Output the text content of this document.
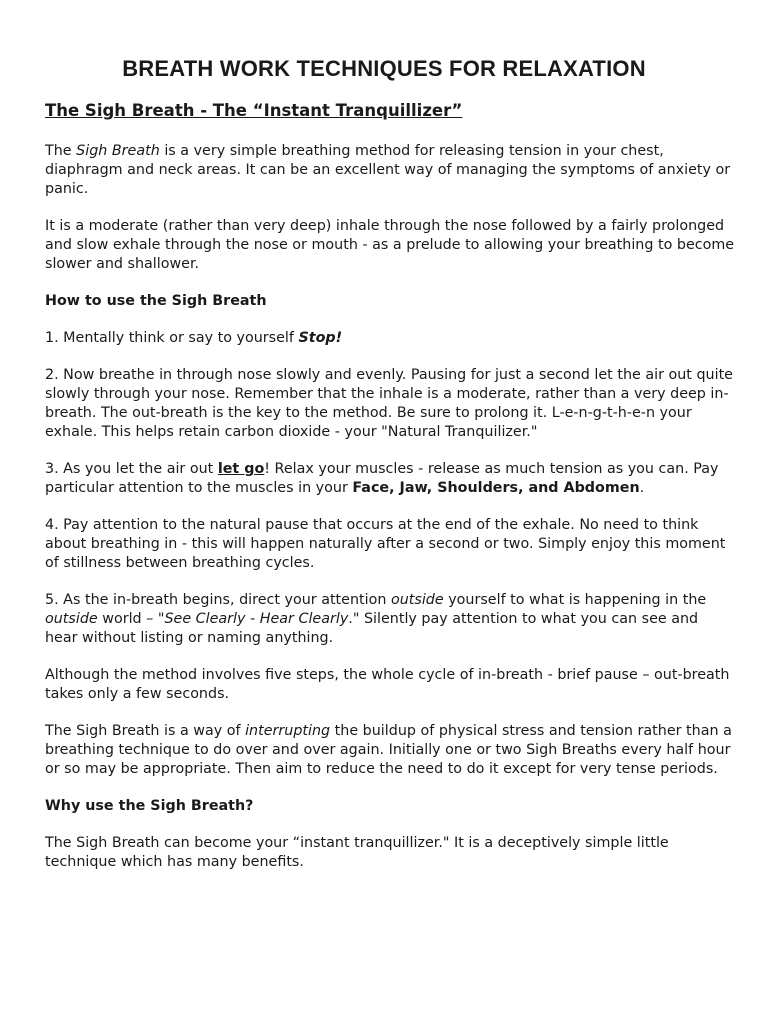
BREATH WORK TECHNIQUES FOR RELAXATION
The Sigh Breath - The “Instant Tranquillizer”

The Sigh Breath is a very simple breathing method for releasing tension in your chest, diaphragm and neck areas. It can be an excellent way of managing the symptoms of anxiety or panic.

It is a moderate (rather than very deep) inhale through the nose followed by a fairly prolonged and slow exhale through the nose or mouth - as a prelude to allowing your breathing to become slower and shallower.

How to use the Sigh Breath

1. Mentally think or say to yourself Stop!

2. Now breathe in through nose slowly and evenly. Pausing for just a second let the air out quite slowly through your nose. Remember that the inhale is a moderate, rather than a very deep in-breath. The out-breath is the key to the method. Be sure to prolong it. L-e-n-g-t-h-e-n your exhale. This helps retain carbon dioxide - your "Natural Tranquilizer."

3. As you let the air out let go! Relax your muscles - release as much tension as you can. Pay particular attention to the muscles in your Face, Jaw, Shoulders, and Abdomen.

4. Pay attention to the natural pause that occurs at the end of the exhale. No need to think about breathing in - this will happen naturally after a second or two. Simply enjoy this moment of stillness between breathing cycles.

5. As the in-breath begins, direct your attention outside yourself to what is happening in the outside world – "See Clearly - Hear Clearly." Silently pay attention to what you can see and hear without listing or naming anything.

Although the method involves five steps, the whole cycle of in-breath - brief pause – out-breath takes only a few seconds.

The Sigh Breath is a way of interrupting the buildup of physical stress and tension rather than a breathing technique to do over and over again. Initially one or two Sigh Breaths every half hour or so may be appropriate. Then aim to reduce the need to do it except for very tense periods.

Why use the Sigh Breath?

The Sigh Breath can become your “instant tranquillizer." It is a deceptively simple little technique which has many benefits.
